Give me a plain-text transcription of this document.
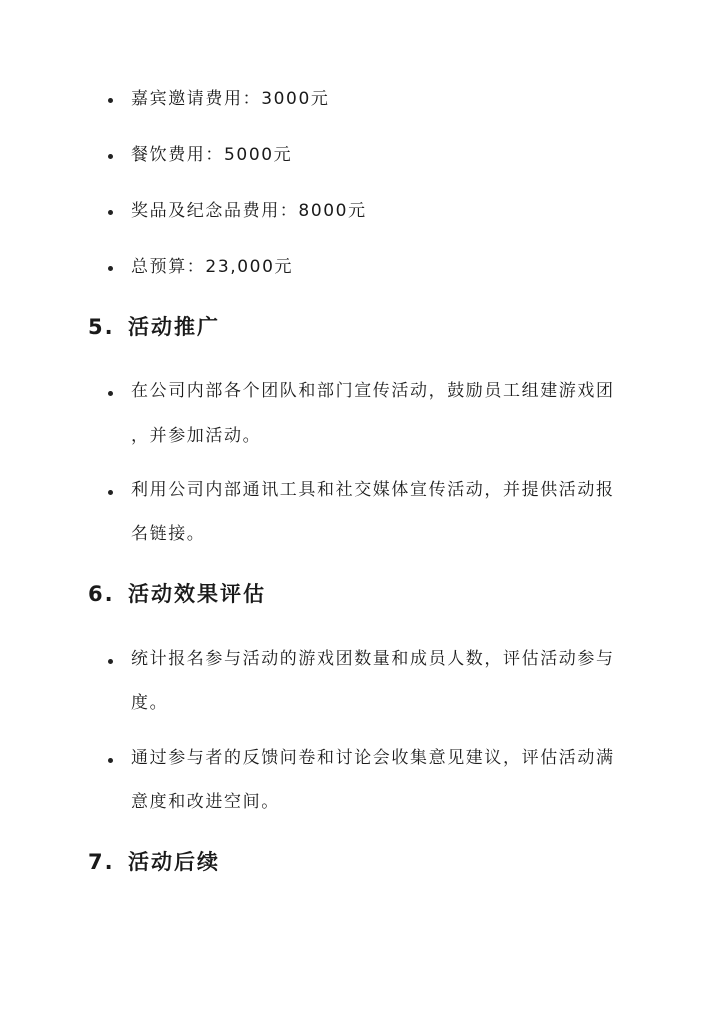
嘉宾邀请费用：3000元
餐饮费用：5000元
奖品及纪念品费用：8000元
总预算：23,000元
5. 活动推广
在公司内部各个团队和部门宣传活动，鼓励员工组建游戏团
，并参加活动。
利用公司内部通讯工具和社交媒体宣传活动，并提供活动报
名链接。
6. 活动效果评估
统计报名参与活动的游戏团数量和成员人数，评估活动参与
度。
通过参与者的反馈问卷和讨论会收集意见建议，评估活动满
意度和改进空间。
7. 活动后续
